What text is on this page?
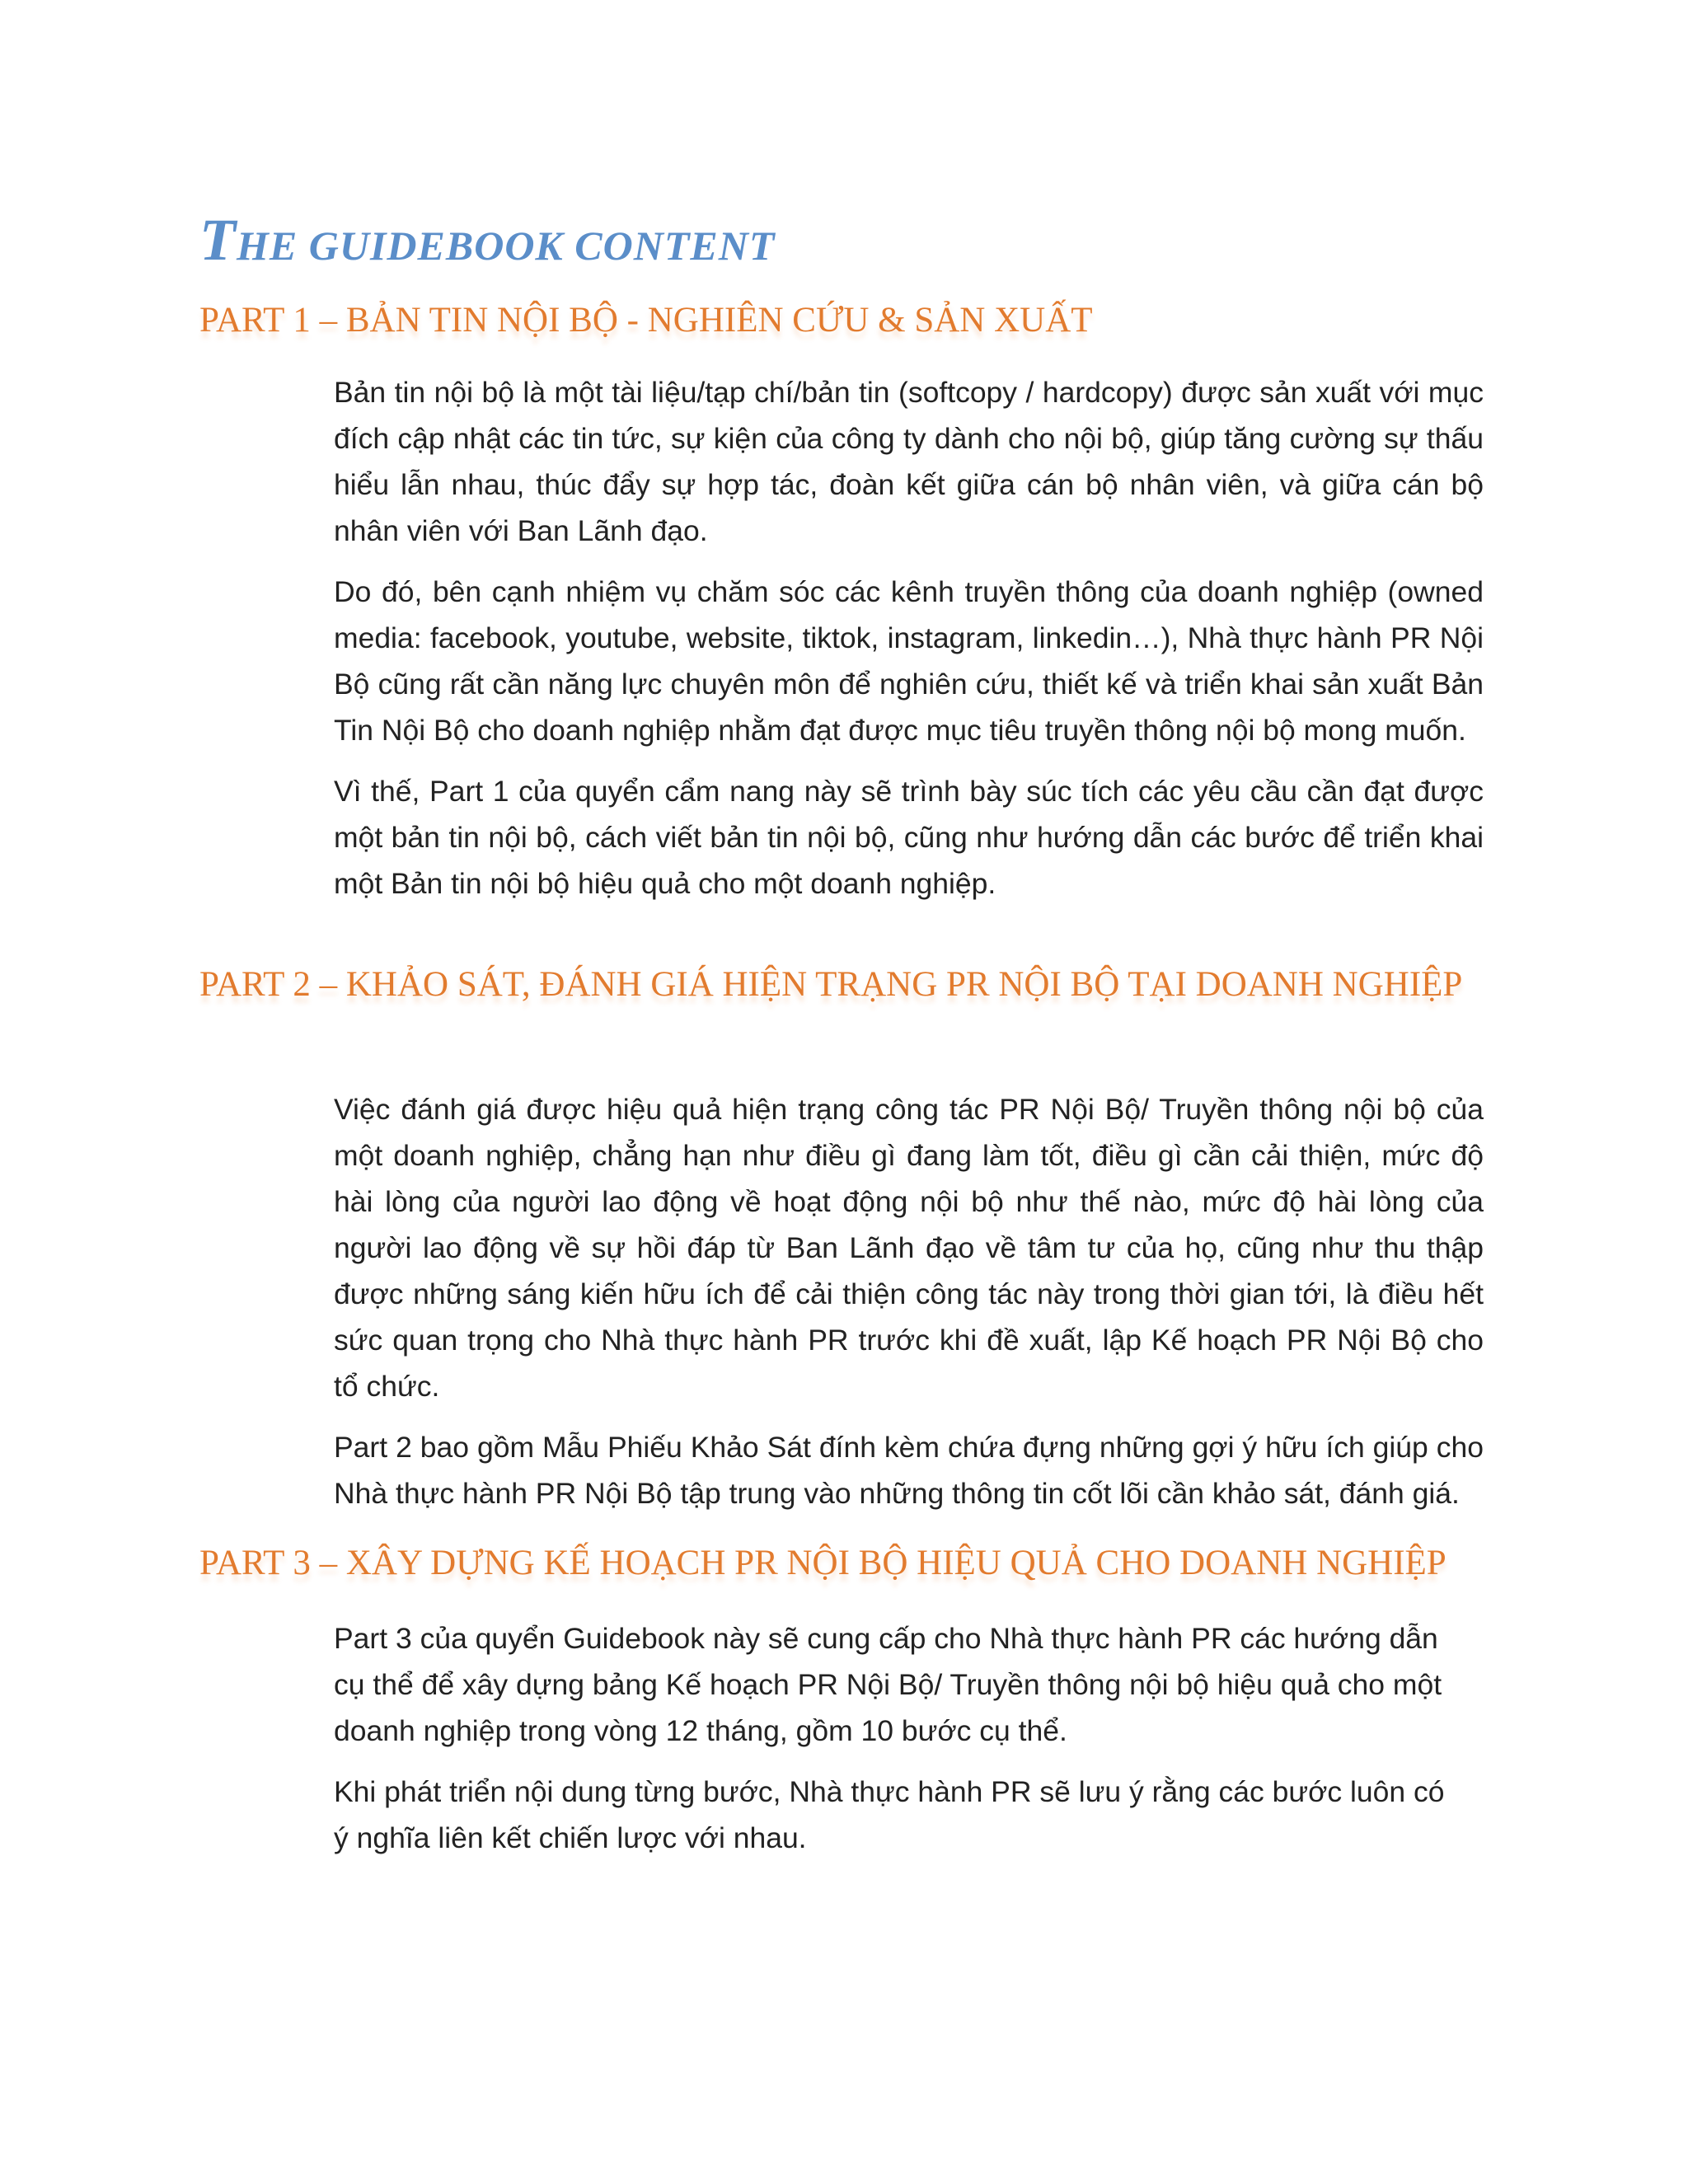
THE GUIDEBOOK CONTENT
PART 1 – BẢN TIN NỘI BỘ - NGHIÊN CỨU & SẢN XUẤT

Bản tin nội bộ là một tài liệu/tạp chí/bản tin (softcopy / hardcopy) được sản xuất với mục đích cập nhật các tin tức, sự kiện của công ty dành cho nội bộ, giúp tăng cường sự thấu hiểu lẫn nhau, thúc đẩy sự hợp tác, đoàn kết giữa cán bộ nhân viên, và giữa cán bộ nhân viên với Ban Lãnh đạo.

Do đó, bên cạnh nhiệm vụ chăm sóc các kênh truyền thông của doanh nghiệp (owned media: facebook, youtube, website, tiktok, instagram, linkedin…), Nhà thực hành PR Nội Bộ cũng rất cần năng lực chuyên môn để nghiên cứu, thiết kế và triển khai sản xuất Bản Tin Nội Bộ cho doanh nghiệp nhằm đạt được mục tiêu truyền thông nội bộ mong muốn.

Vì thế, Part 1 của quyển cẩm nang này sẽ trình bày súc tích các yêu cầu cần đạt được một bản tin nội bộ, cách viết bản tin nội bộ, cũng như hướng dẫn các bước để triển khai một Bản tin nội bộ hiệu quả cho một doanh nghiệp.

PART 2 – KHẢO SÁT, ĐÁNH GIÁ HIỆN TRẠNG PR NỘI BỘ TẠI DOANH NGHIỆP

Việc đánh giá được hiệu quả hiện trạng công tác PR Nội Bộ/ Truyền thông nội bộ của một doanh nghiệp, chẳng hạn như điều gì đang làm tốt, điều gì cần cải thiện, mức độ hài lòng của người lao động về hoạt động nội bộ như thế nào, mức độ hài lòng của người lao động về sự hồi đáp từ Ban Lãnh đạo về tâm tư của họ, cũng như thu thập được những sáng kiến hữu ích để cải thiện công tác này trong thời gian tới, là điều hết sức quan trọng cho Nhà thực hành PR trước khi đề xuất, lập Kế hoạch PR Nội Bộ cho tổ chức.

Part 2 bao gồm Mẫu Phiếu Khảo Sát đính kèm chứa đựng những gợi ý hữu ích giúp cho Nhà thực hành PR Nội Bộ tập trung vào những thông tin cốt lõi cần khảo sát, đánh giá.

PART 3 – XÂY DỰNG KẾ HOẠCH PR NỘI BỘ HIỆU QUẢ CHO DOANH NGHIỆP

Part 3 của quyển Guidebook này sẽ cung cấp cho Nhà thực hành PR các hướng dẫn cụ thể để xây dựng bảng Kế hoạch PR Nội Bộ/ Truyền thông nội bộ hiệu quả cho một doanh nghiệp trong vòng 12 tháng, gồm 10 bước cụ thể.

Khi phát triển nội dung từng bước, Nhà thực hành PR sẽ lưu ý rằng các bước luôn có ý nghĩa liên kết chiến lược với nhau.
